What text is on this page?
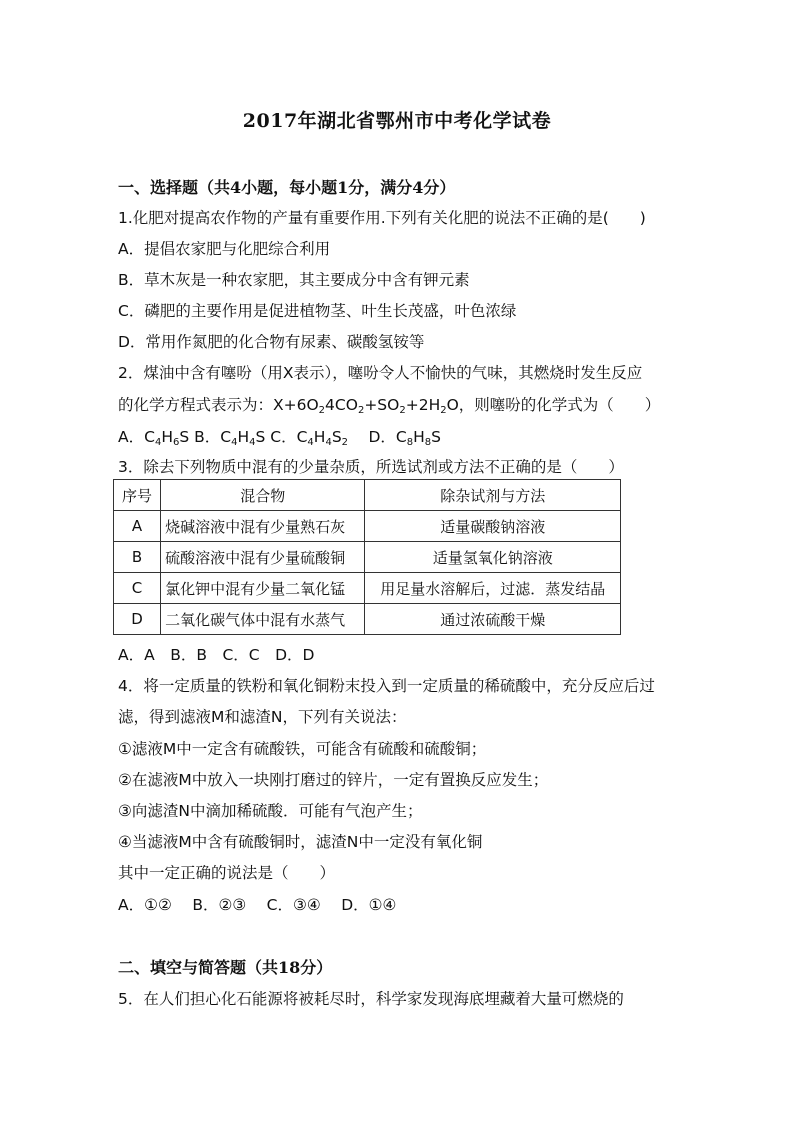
2017年湖北省鄂州市中考化学试卷
一、选择题（共4小题，每小题1分，满分4分）
1.化肥对提高农作物的产量有重要作用.下列有关化肥的说法不正确的是(　　)
A．提倡农家肥与化肥综合利用
B．草木灰是一种农家肥，其主要成分中含有钾元素
C．磷肥的主要作用是促进植物茎、叶生长茂盛，叶色浓绿
D．常用作氮肥的化合物有尿素、碳酸氢铵等
2．煤油中含有噻吩（用X表示），噻吩令人不愉快的气味，其燃烧时发生反应
的化学方程式表示为：$X+6O_24CO_2+SO_2+2H_2O$，则噻吩的化学式为（　　）
A．$C_4H_6S$ B．$C_4H_4S$ C．$C_4H_4S_2$　 D．$C_8H_8S$
3．除去下列物质中混有的少量杂质，所选试剂或方法不正确的是（　　）
序号	混合物	除杂试剂与方法
A	烧碱溶液中混有少量熟石灰	适量碳酸钠溶液
B	硫酸溶液中混有少量硫酸铜	适量氢氧化钠溶液
C	氯化钾中混有少量二氧化锰	用足量水溶解后，过滤．蒸发结晶
D	二氧化碳气体中混有水蒸气	通过浓硫酸干燥
A．A　B．B　C．C　D．D
4．将一定质量的铁粉和氧化铜粉末投入到一定质量的稀硫酸中，充分反应后过
滤，得到滤液M和滤渣N，下列有关说法：
①滤液M中一定含有硫酸铁，可能含有硫酸和硫酸铜；
②在滤液M中放入一块刚打磨过的锌片，一定有置换反应发生；
③向滤渣N中滴加稀硫酸．可能有气泡产生；
④当滤液M中含有硫酸铜时，滤渣N中一定没有氧化铜
其中一定正确的说法是（　　）
A．①②　 B．②③　 C．③④　 D．①④
二、填空与简答题（共18分）
5．在人们担心化石能源将被耗尽时，科学家发现海底埋藏着大量可燃烧的
